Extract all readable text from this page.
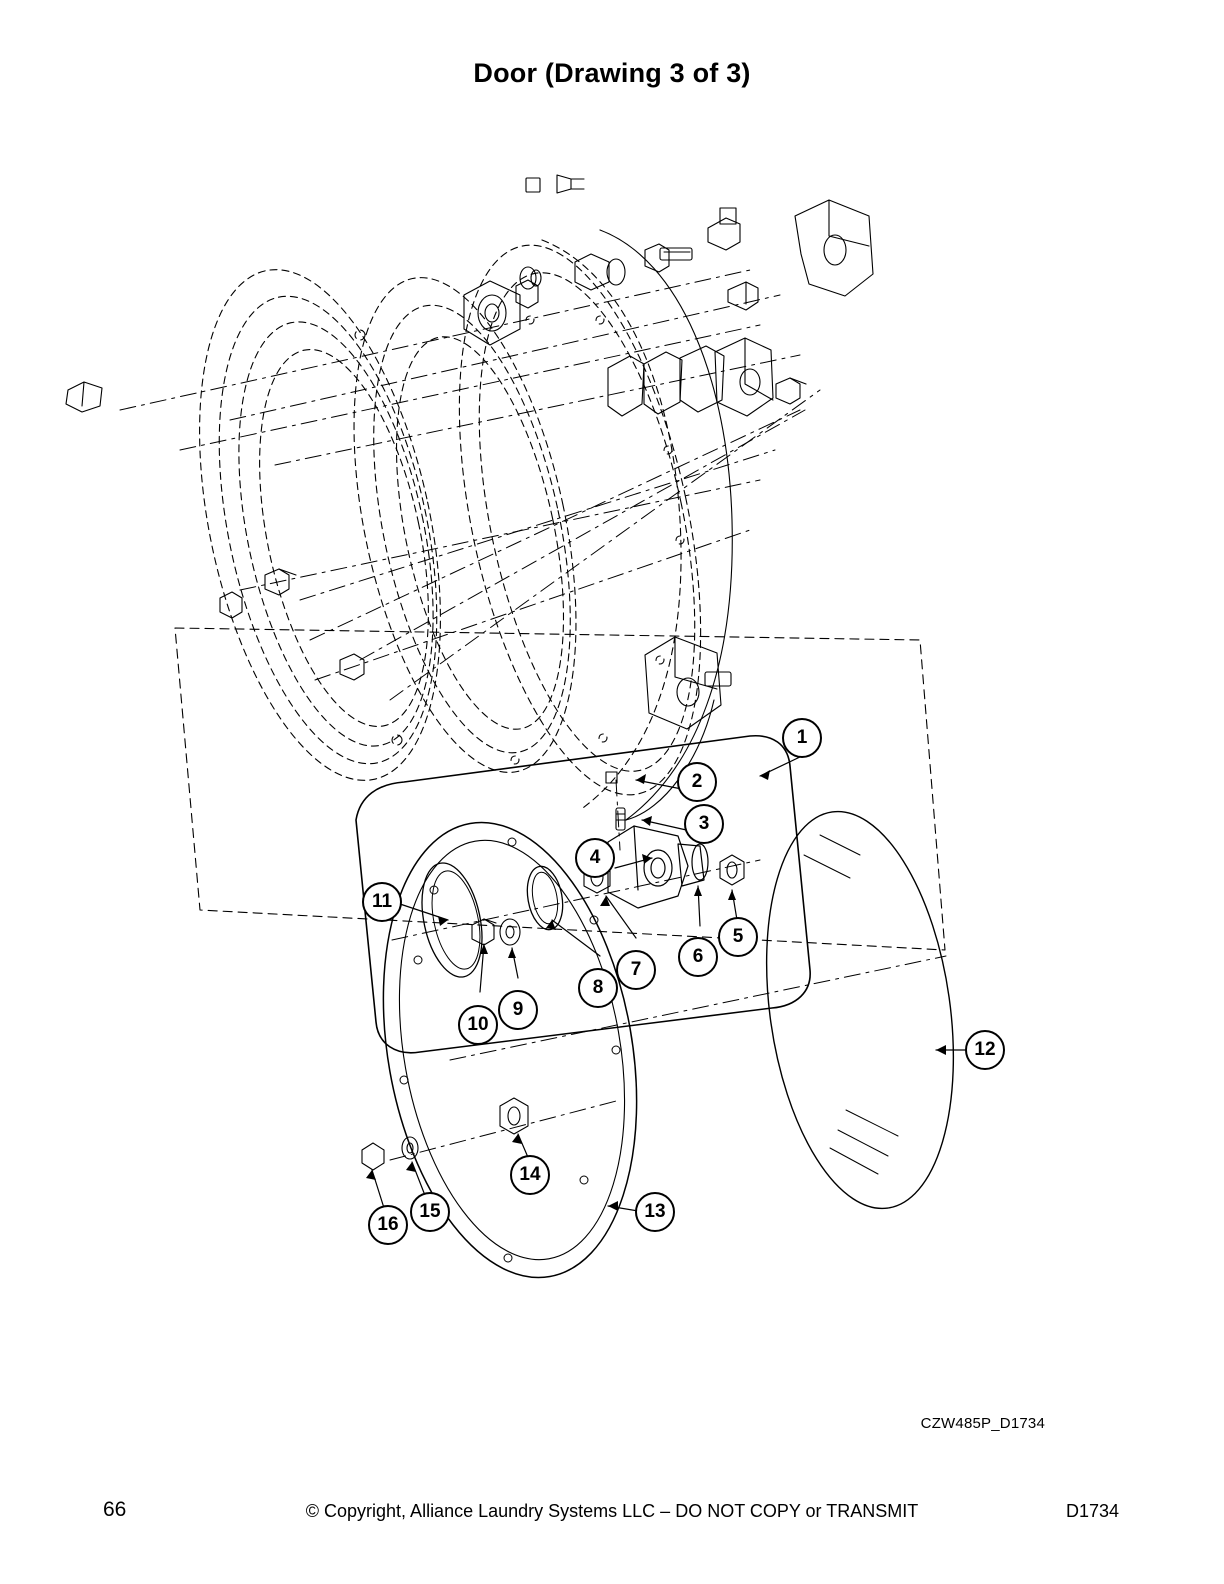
Door (Drawing 3 of 3)
1
2
3
4
5
6
7
8
9
10
11
12
13
14
15
16
CZW485P_D1734
66	© Copyright, Alliance Laundry Systems LLC – DO NOT COPY or TRANSMIT	D1734
